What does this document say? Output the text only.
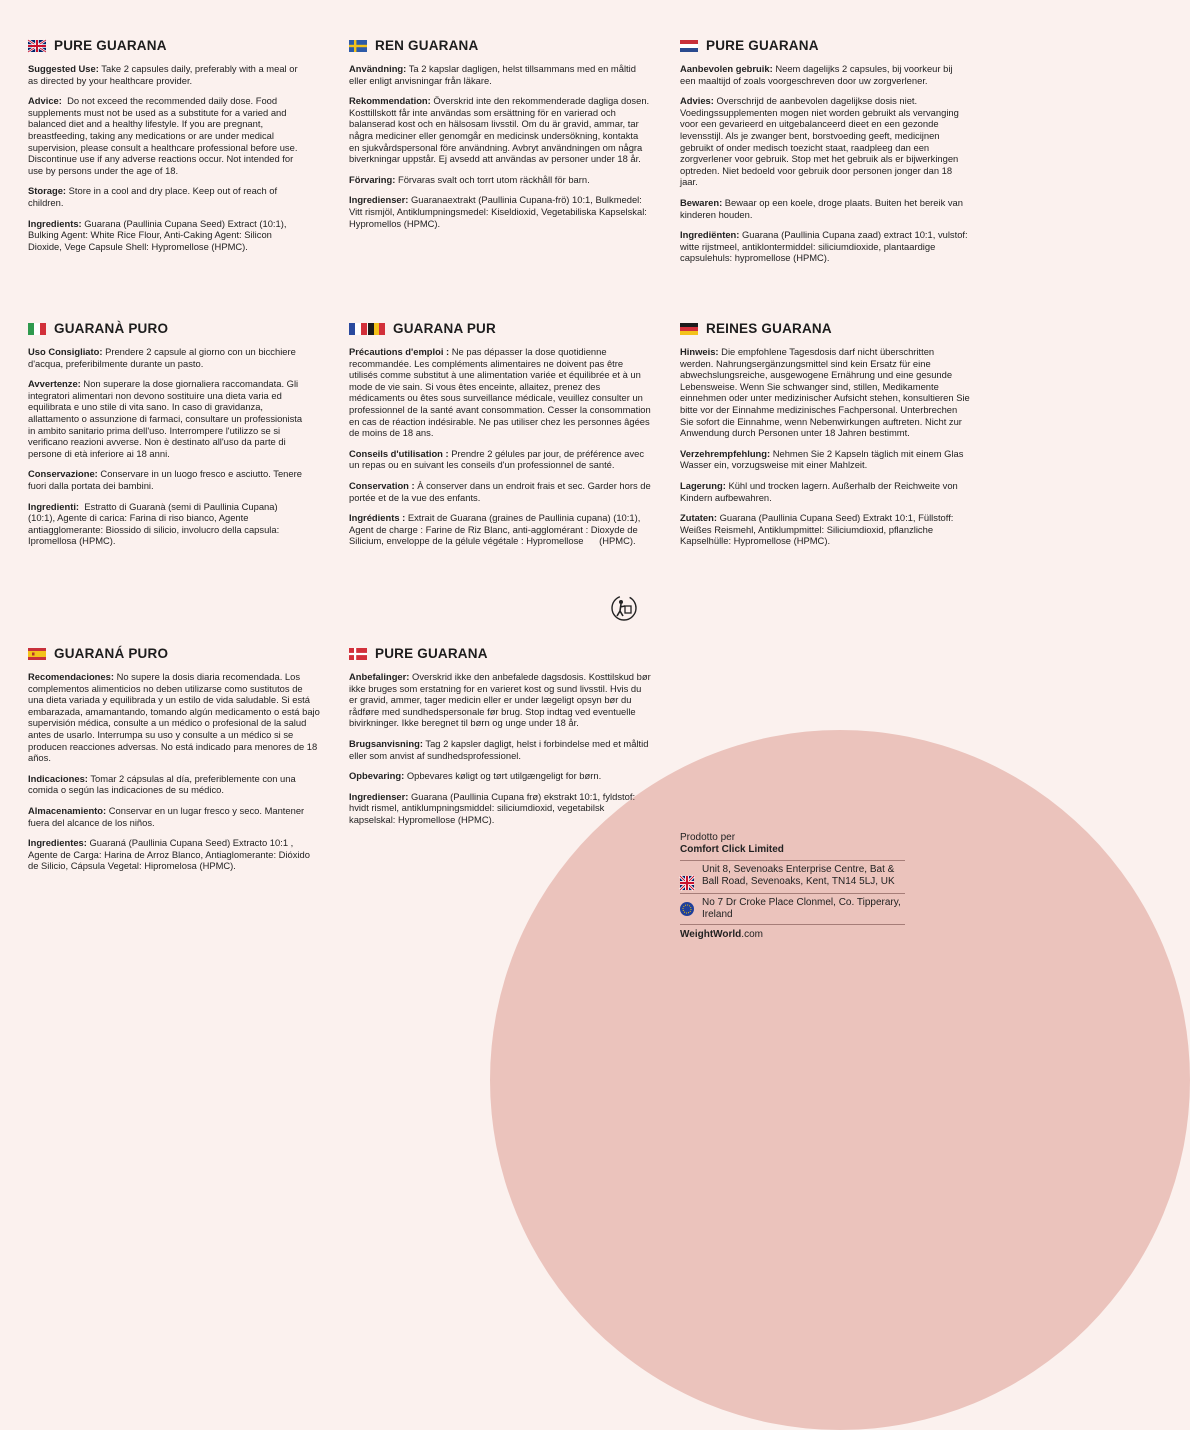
PURE GUARANA
Suggested Use: Take 2 capsules daily, preferably with a meal or as directed by your healthcare provider.
Advice:  Do not exceed the recommended daily dose. Food supplements must not be used as a substitute for a varied and balanced diet and a healthy lifestyle. If you are pregnant, breastfeeding, taking any medications or are under medical supervision, please consult a healthcare professional before use. Discontinue use if any adverse reactions occur. Not intended for use by persons under the age of 18.
Storage: Store in a cool and dry place. Keep out of reach of children.
Ingredients: Guarana (Paullinia Cupana Seed) Extract (10:1), Bulking Agent: White Rice Flour, Anti-Caking Agent: Silicon Dioxide, Vege Capsule Shell: Hypromellose (HPMC).
REN GUARANA
Användning: Ta 2 kapslar dagligen, helst tillsammans med en måltid eller enligt anvisningar från läkare.
Rekommendation: Överskrid inte den rekommenderade dagliga dosen. Kosttillskott får inte användas som ersättning för en varierad och balanserad kost och en hälsosam livsstil. Om du är gravid, ammar, tar några mediciner eller genomgår en medicinsk undersökning, kontakta en sjukvårdspersonal före användning. Avbryt användningen om några biverkningar uppstår. Ej avsedd att användas av personer under 18 år.
Förvaring: Förvaras svalt och torrt utom räckhåll för barn.
Ingredienser: Guaranaextrakt (Paullinia Cupana-frö) 10:1, Bulkmedel: Vitt rismjöl, Antiklumpningsmedel: Kiseldioxid, Vegetabiliska Kapselskal: Hypromellos (HPMC).
PURE GUARANA
Aanbevolen gebruik: Neem dagelijks 2 capsules, bij voorkeur bij een maaltijd of zoals voorgeschreven door uw zorgverlener.
Advies: Overschrijd de aanbevolen dagelijkse dosis niet. Voedingssupplementen mogen niet worden gebruikt als vervanging voor een gevarieerd en uitgebalanceerd dieet en een gezonde levensstijl. Als je zwanger bent, borstvoeding geeft, medicijnen gebruikt of onder medisch toezicht staat, raadpleeg dan een zorgverlener voor gebruik. Stop met het gebruik als er bijwerkingen optreden. Niet bedoeld voor gebruik door personen jonger dan 18 jaar.
Bewaren: Bewaar op een koele, droge plaats. Buiten het bereik van kinderen houden.
Ingrediënten: Guarana (Paullinia Cupana zaad) extract 10:1, vulstof: witte rijstmeel, antiklontermiddel: siliciumdioxide, plantaardige capsulehuls: hypromellose (HPMC).
GUARANÀ PURO
Uso Consigliato: Prendere 2 capsule al giorno con un bicchiere d'acqua, preferibilmente durante un pasto.
Avvertenze: Non superare la dose giornaliera raccomandata. Gli integratori alimentari non devono sostituire una dieta varia ed equilibrata e uno stile di vita sano. In caso di gravidanza, allattamento o assunzione di farmaci, consultare un professionista in ambito sanitario prima dell'uso. Interrompere l'utilizzo se si verificano reazioni avverse. Non è destinato all'uso da parte di persone di età inferiore ai 18 anni.
Conservazione: Conservare in un luogo fresco e asciutto. Tenere fuori dalla portata dei bambini.
Ingredienti:  Estratto di Guaranà (semi di Paullinia Cupana) (10:1), Agente di carica: Farina di riso bianco, Agente antiagglomerante: Biossido di silicio, involucro della capsula: Ipromellosa (HPMC).
GUARANA PUR
Précautions d'emploi : Ne pas dépasser la dose quotidienne recommandée. Les compléments alimentaires ne doivent pas être utilisés comme substitut à une alimentation variée et équilibrée et à un mode de vie sain. Si vous êtes enceinte, allaitez, prenez des médicaments ou êtes sous surveillance médicale, veuillez consulter un professionnel de la santé avant consommation. Cesser la consommation en cas de réaction indésirable. Ne pas utiliser chez les personnes âgées de moins de 18 ans.
Conseils d'utilisation : Prendre 2 gélules par jour, de préférence avec un repas ou en suivant les conseils d'un professionnel de santé.
Conservation : À conserver dans un endroit frais et sec. Garder hors de portée et de la vue des enfants.
Ingrédients : Extrait de Guarana (graines de Paullinia cupana) (10:1), Agent de charge : Farine de Riz Blanc, anti-agglomérant : Dioxyde de Silicium, enveloppe de la gélule végétale : Hypromellose      (HPMC).
REINES GUARANA
Hinweis: Die empfohlene Tagesdosis darf nicht überschritten werden. Nahrungsergänzungsmittel sind kein Ersatz für eine abwechslungsreiche, ausgewogene Ernährung und eine gesunde Lebensweise. Wenn Sie schwanger sind, stillen, Medikamente einnehmen oder unter medizinischer Aufsicht stehen, konsultieren Sie bitte vor der Einnahme medizinisches Fachpersonal. Unterbrechen Sie sofort die Einnahme, wenn Nebenwirkungen auftreten. Nicht zur Anwendung durch Personen unter 18 Jahren bestimmt.
Verzehrempfehlung: Nehmen Sie 2 Kapseln täglich mit einem Glas Wasser ein, vorzugsweise mit einer Mahlzeit.
Lagerung: Kühl und trocken lagern. Außerhalb der Reichweite von Kindern aufbewahren.
Zutaten: Guarana (Paullinia Cupana Seed) Extrakt 10:1, Füllstoff: Weißes Reismehl, Antiklumpmittel: Siliciumdioxid, pflanzliche Kapselhülle: Hypromellose (HPMC).
GUARANÁ PURO
Recomendaciones: No supere la dosis diaria recomendada. Los complementos alimenticios no deben utilizarse como sustitutos de una dieta variada y equilibrada y un estilo de vida saludable. Si está embarazada, amamantando, tomando algún medicamento o está bajo supervisión médica, consulte a un médico o profesional de la salud antes de usarlo. Interrumpa su uso y consulte a un médico si se producen reacciones adversas. No está indicado para menores de 18 años.
Indicaciones: Tomar 2 cápsulas al día, preferiblemente con una comida o según las indicaciones de su médico.
Almacenamiento: Conservar en un lugar fresco y seco. Mantener fuera del alcance de los niños.
Ingredientes: Guaraná (Paullinia Cupana Seed) Extracto 10:1 , Agente de Carga: Harina de Arroz Blanco, Antiaglomerante: Dióxido de Silicio, Cápsula Vegetal: Hipromelosa (HPMC).
PURE GUARANA
Anbefalinger: Overskrid ikke den anbefalede dagsdosis. Kosttilskud bør ikke bruges som erstatning for en varieret kost og sund livsstil. Hvis du er gravid, ammer, tager medicin eller er under lægeligt opsyn bør du rådføre med sundhedspersonale før brug. Stop indtag ved eventuelle bivirkninger. Ikke beregnet til børn og unge under 18 år.
Brugsanvisning: Tag 2 kapsler dagligt, helst i forbindelse med et måltid eller som anvist af sundhedsprofessionel.
Opbevaring: Opbevares køligt og tørt utilgængeligt for børn.
Ingredienser: Guarana (Paullinia Cupana frø) ekstrakt 10:1, fyldstof: hvidt rismel, antiklumpningsmiddel: siliciumdioxid, vegetabilsk kapselskal: Hypromellose (HPMC).
Prodotto per
Comfort Click Limited
Unit 8, Sevenoaks Enterprise Centre, Bat & Ball Road, Sevenoaks, Kent, TN14 5LJ, UK
No 7 Dr Croke Place Clonmel, Co. Tipperary, Ireland
WeightWorld.com
